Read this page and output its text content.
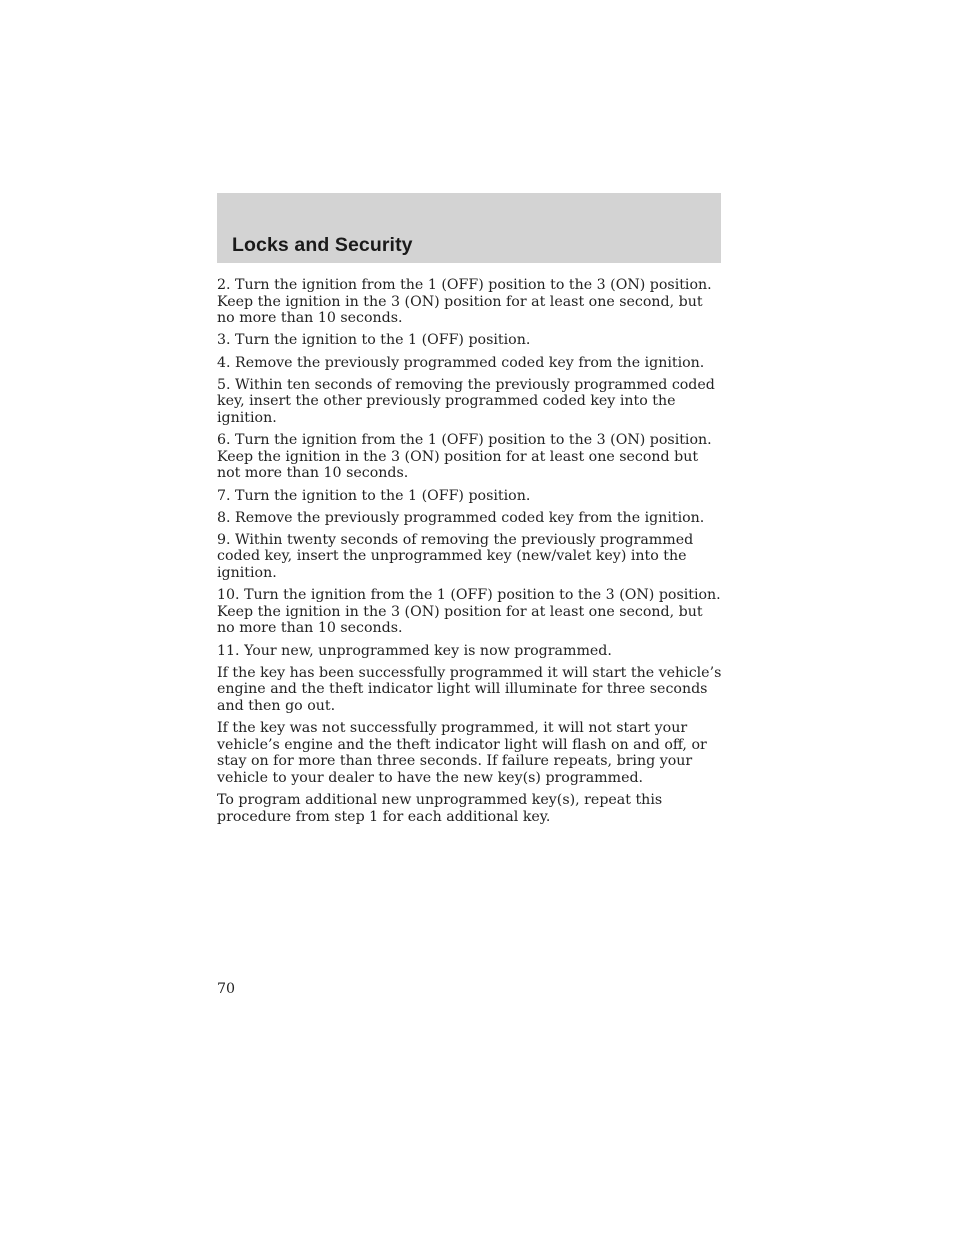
Locks and Security

2. Turn the ignition from the 1 (OFF) position to the 3 (ON) position. Keep the ignition in the 3 (ON) position for at least one second, but no more than 10 seconds.

3. Turn the ignition to the 1 (OFF) position.

4. Remove the previously programmed coded key from the ignition.

5. Within ten seconds of removing the previously programmed coded key, insert the other previously programmed coded key into the ignition.

6. Turn the ignition from the 1 (OFF) position to the 3 (ON) position. Keep the ignition in the 3 (ON) position for at least one second but not more than 10 seconds.

7. Turn the ignition to the 1 (OFF) position.

8. Remove the previously programmed coded key from the ignition.

9. Within twenty seconds of removing the previously programmed coded key, insert the unprogrammed key (new/valet key) into the ignition.

10. Turn the ignition from the 1 (OFF) position to the 3 (ON) position. Keep the ignition in the 3 (ON) position for at least one second, but no more than 10 seconds.

11. Your new, unprogrammed key is now programmed.

If the key has been successfully programmed it will start the vehicle’s engine and the theft indicator light will illuminate for three seconds and then go out.

If the key was not successfully programmed, it will not start your vehicle’s engine and the theft indicator light will flash on and off, or stay on for more than three seconds. If failure repeats, bring your vehicle to your dealer to have the new key(s) programmed.

To program additional new unprogrammed key(s), repeat this procedure from step 1 for each additional key.

70
